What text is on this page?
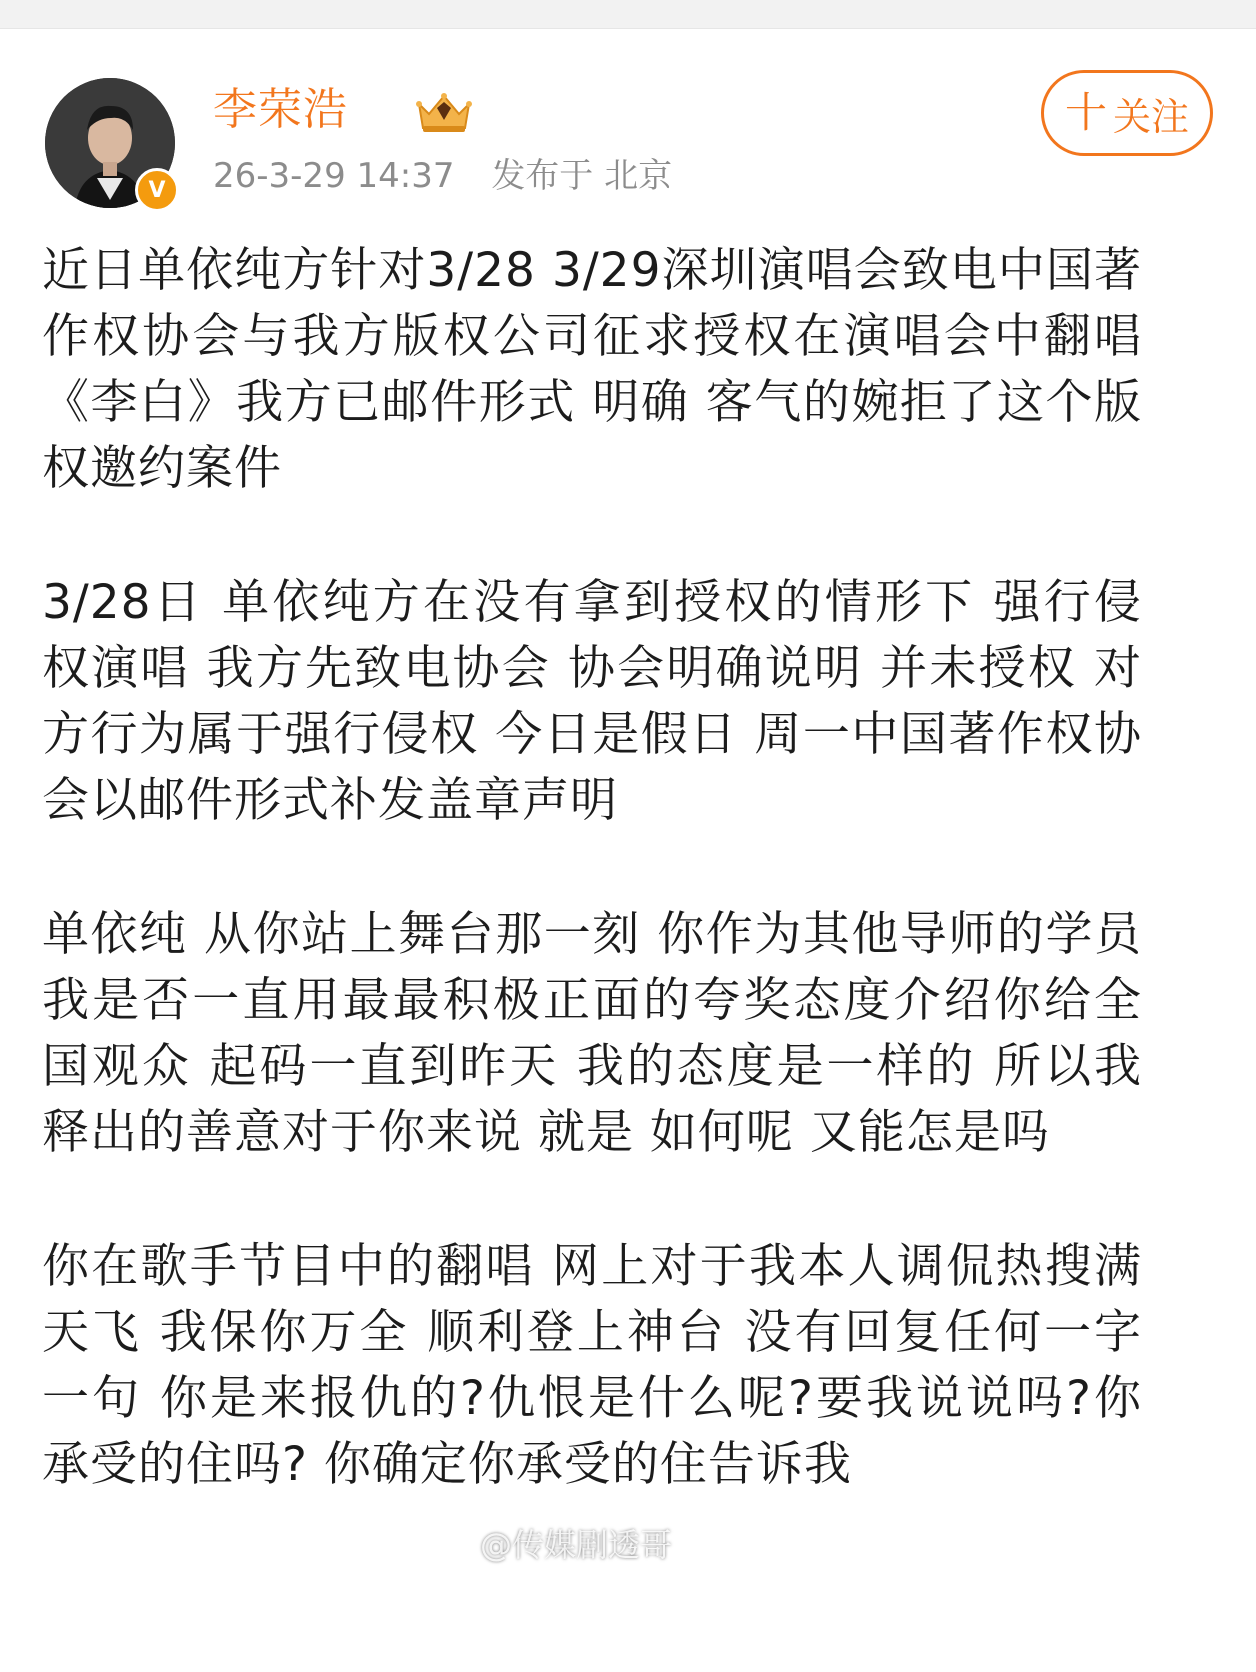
V
李荣浩
26-3-29 14:37 发布于 北京
十 关注

近日单依纯方针对3/28 3/29深圳演唱会致电中国著作权协会与我方版权公司征求授权在演唱会中翻唱《李白》我方已邮件形式 明确 客气的婉拒了这个版权邀约案件

3/28日 单依纯方在没有拿到授权的情形下 强行侵权演唱 我方先致电协会 协会明确说明 并未授权 对方行为属于强行侵权 今日是假日 周一中国著作权协会以邮件形式补发盖章声明

单依纯 从你站上舞台那一刻 你作为其他导师的学员 我是否一直用最最积极正面的夸奖态度介绍你给全国观众 起码一直到昨天 我的态度是一样的 所以我释出的善意对于你来说 就是 如何呢 又能怎是吗

你在歌手节目中的翻唱 网上对于我本人调侃热搜满天飞 我保你万全 顺利登上神台 没有回复任何一字一句 你是来报仇的?仇恨是什么呢?要我说说吗?你承受的住吗? 你确定你承受的住告诉我

@传媒剧透哥
